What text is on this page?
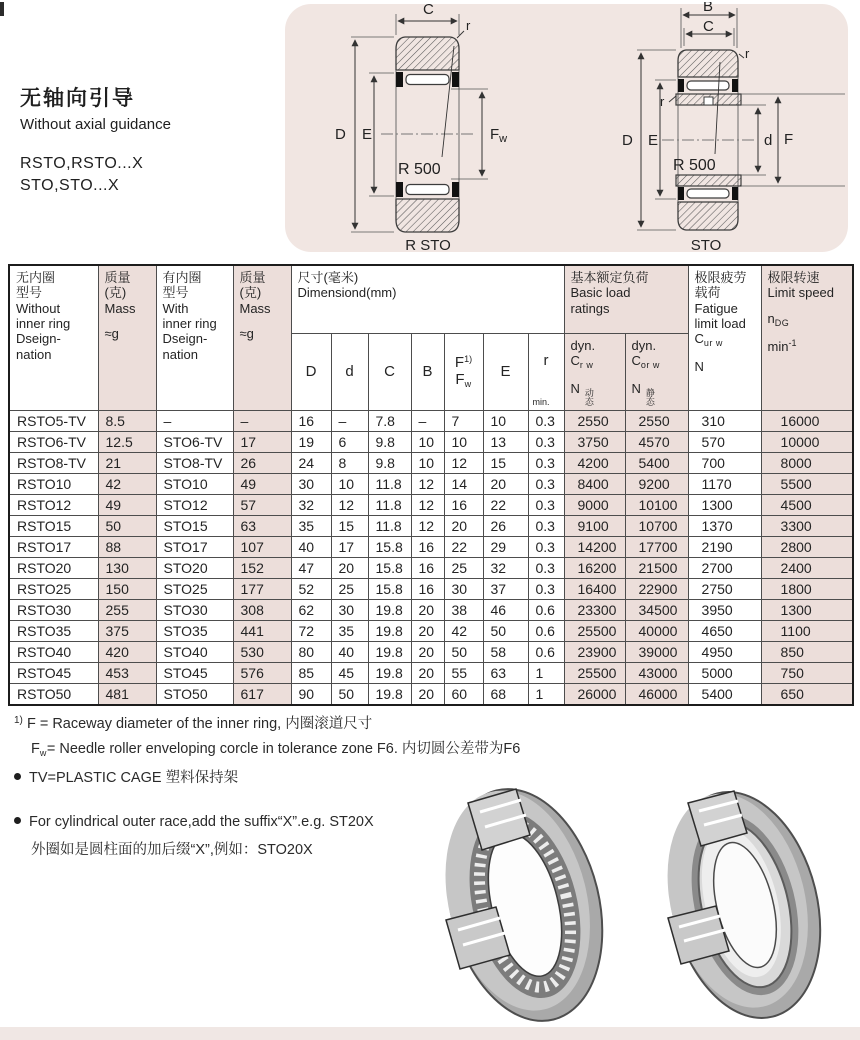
无轴向引导

Without axial guidance

RSTO,RSTO...X

STO,STO...X

C
r
D E	$F_w$
R 500
R STO
B
C
r
r
D E	d F
R 500
STO
无内圈
型号
Without
inner ring
Dseign-
nation

质量
(克)
Mass
≈g

有内圈
型号
With
inner ring
Dseign-
nation

质量
(克)
Mass
≈g

尺寸(毫米)
Dimensiond(mm)

基本额定负荷
Basic load
ratings

极限疲劳
载荷
Fatigue
limit load
$C_{ur w}$
N

极限转速
Limit speed
$n_{DG}$
$\min^{-1}$

D	d	C	B	
$F^{1)}$
$F_w$
	E	
r
min.

dyn.
$C_{r w}$
N 动
态

dyn.
$C_{or w}$
N 静
态

RSTO5-TV	8.5	–	–	16	–	7.8	–	7	10	0.3	2550	2550	310	16000
RSTO6-TV	12.5	STO6-TV	17	19	6	9.8	10	10	13	0.3	3750	4570	570	10000
RSTO8-TV	21	STO8-TV	26	24	8	9.8	10	12	15	0.3	4200	5400	700	8000
RSTO10	42	STO10	49	30	10	11.8	12	14	20	0.3	8400	9200	1170	5500
RSTO12	49	STO12	57	32	12	11.8	12	16	22	0.3	9000	10100	1300	4500
RSTO15	50	STO15	63	35	15	11.8	12	20	26	0.3	9100	10700	1370	3300
RSTO17	88	STO17	107	40	17	15.8	16	22	29	0.3	14200	17700	2190	2800
RSTO20	130	STO20	152	47	20	15.8	16	25	32	0.3	16200	21500	2700	2400
RSTO25	150	STO25	177	52	25	15.8	16	30	37	0.3	16400	22900	2750	1800
RSTO30	255	STO30	308	62	30	19.8	20	38	46	0.6	23300	34500	3950	1300
RSTO35	375	STO35	441	72	35	19.8	20	42	50	0.6	25500	40000	4650	1100
RSTO40	420	STO40	530	80	40	19.8	20	50	58	0.6	23900	39000	4950	850
RSTO45	453	STO45	576	85	45	19.8	20	55	63	1	25500	43000	5000	750
RSTO50	481	STO50	617	90	50	19.8	20	60	68	1	26000	46000	5400	650
$^{1)}$ F = Raceway diameter of the inner ring, 内圈滚道尺寸
$F_w=$ Needle roller enveloping corcle in tolerance zone F6. 内切圆公差带为F6
TV=PLASTIC CAGE 塑料保持架
For cylindrical outer race,add the suffix“X”.e.g. ST20X
外圈如是圆柱面的加后缀“X”,例如：STO20X
